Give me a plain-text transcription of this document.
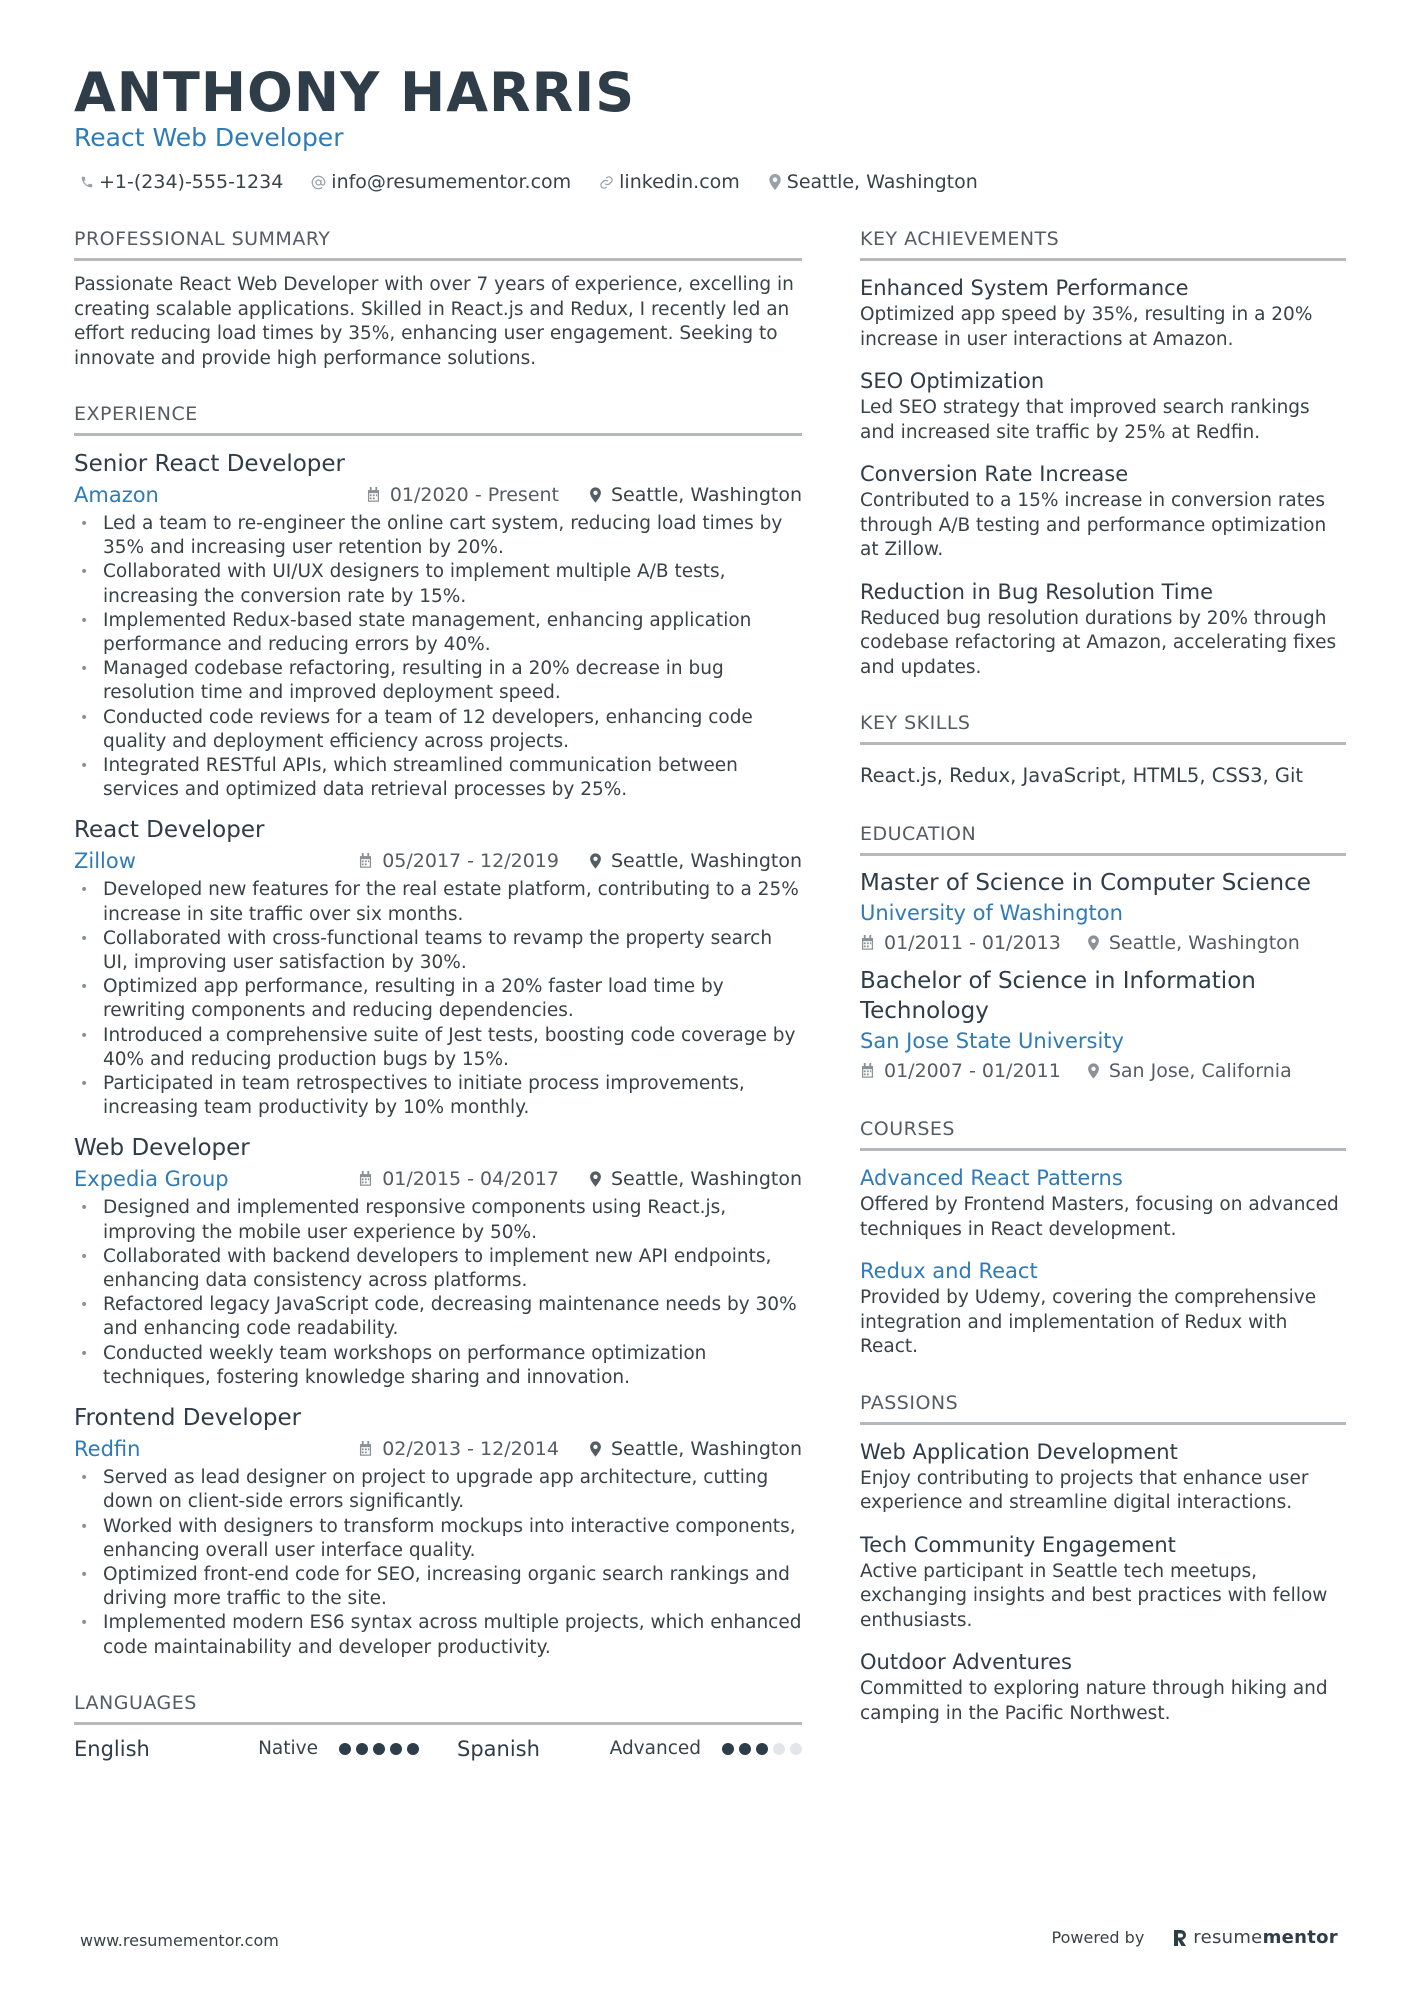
ANTHONY HARRIS
React Web Developer
+1-(234)-555-1234	info@resumementor.com	linkedin.com Seattle, Washington
PROFESSIONAL SUMMARY

Passionate React Web Developer with over 7 years of experience, excelling in creating scalable applications. Skilled in React.js and Redux, I recently led an effort reducing load times by 35%, enhancing user engagement. Seeking to innovate and provide high performance solutions.

EXPERIENCE
Senior React Developer
Amazon	01/2020 - Present	Seattle, Washington
• Led a team to re-engineer the online cart system, reducing load times by 35% and increasing user retention by 20%.
• Collaborated with UI/UX designers to implement multiple A/B tests, increasing the conversion rate by 15%.
• Implemented Redux-based state management, enhancing application performance and reducing errors by 40%.
• Managed codebase refactoring, resulting in a 20% decrease in bug resolution time and improved deployment speed.
• Conducted code reviews for a team of 12 developers, enhancing code quality and deployment efficiency across projects.
• Integrated RESTful APIs, which streamlined communication between services and optimized data retrieval processes by 25%.
React Developer
Zillow	05/2017 - 12/2019	Seattle, Washington
• Developed new features for the real estate platform, contributing to a 25% increase in site traffic over six months.
• Collaborated with cross-functional teams to revamp the property search UI, improving user satisfaction by 30%.
• Optimized app performance, resulting in a 20% faster load time by rewriting components and reducing dependencies.
• Introduced a comprehensive suite of Jest tests, boosting code coverage by 40% and reducing production bugs by 15%.
• Participated in team retrospectives to initiate process improvements, increasing team productivity by 10% monthly.
Web Developer
Expedia Group	01/2015 - 04/2017	Seattle, Washington
• Designed and implemented responsive components using React.js, improving the mobile user experience by 50%.
• Collaborated with backend developers to implement new API endpoints, enhancing data consistency across platforms.
• Refactored legacy JavaScript code, decreasing maintenance needs by 30% and enhancing code readability.
• Conducted weekly team workshops on performance optimization techniques, fostering knowledge sharing and innovation.
Frontend Developer
Redfin	02/2013 - 12/2014	Seattle, Washington
• Served as lead designer on project to upgrade app architecture, cutting down on client-side errors significantly.
• Worked with designers to transform mockups into interactive components, enhancing overall user interface quality.
• Optimized front-end code for SEO, increasing organic search rankings and driving more traffic to the site.
• Implemented modern ES6 syntax across multiple projects, which enhanced code maintainability and developer productivity.
LANGUAGES
English	Native	Spanish	Advanced
KEY ACHIEVEMENTS
Enhanced System Performance
Optimized app speed by 35%, resulting in a 20% increase in user interactions at Amazon.
SEO Optimization
Led SEO strategy that improved search rankings and increased site traffic by 25% at Redfin.
Conversion Rate Increase
Contributed to a 15% increase in conversion rates through A/B testing and performance optimization at Zillow.
Reduction in Bug Resolution Time
Reduced bug resolution durations by 20% through codebase refactoring at Amazon, accelerating fixes and updates.
KEY SKILLS
React.js, Redux, JavaScript, HTML5, CSS3, Git
EDUCATION
Master of Science in Computer Science
University of Washington
01/2011 - 01/2013	Seattle, Washington
Bachelor of Science in Information Technology
San Jose State University
01/2007 - 01/2011	San Jose, California
COURSES
Advanced React Patterns
Offered by Frontend Masters, focusing on advanced techniques in React development.
Redux and React
Provided by Udemy, covering the comprehensive integration and implementation of Redux with React.
PASSIONS
Web Application Development
Enjoy contributing to projects that enhance user experience and streamline digital interactions.
Tech Community Engagement
Active participant in Seattle tech meetups, exchanging insights and best practices with fellow enthusiasts.
Outdoor Adventures
Committed to exploring nature through hiking and camping in the Pacific Northwest.
www.resumementor.com	Powered by	resume mentor
